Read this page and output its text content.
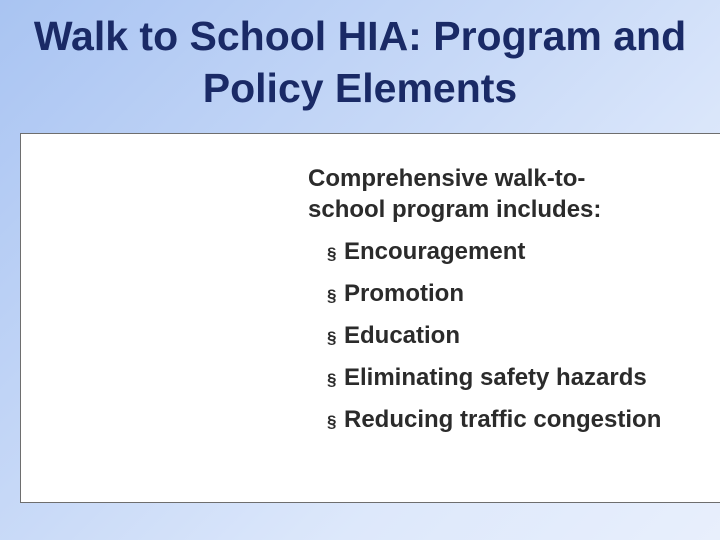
Walk to School HIA: Program and Policy Elements
Comprehensive walk-to-
school program includes:
§ Encouragement
§ Promotion
§ Education
§ Eliminating safety hazards
§ Reducing traffic congestion
